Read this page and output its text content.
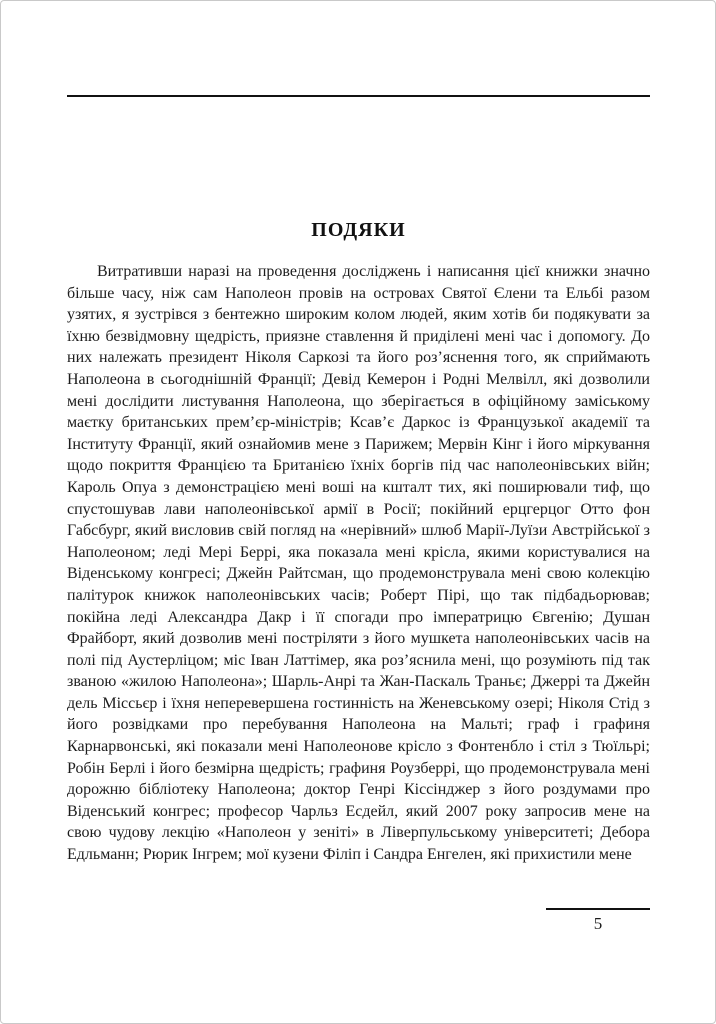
ПОДЯКИ

Витративши наразі на проведення досліджень і написання цієї книжки значно більше часу, ніж сам Наполеон провів на островах Святої Єлени та Ельбі разом узятих, я зустрівся з бентежно широким колом людей, яким хотів би подякувати за їхню безвідмовну щедрість, приязне ставлення й приділені мені час і допомогу. До них належать президент Ніколя Саркозі та його роз’яснення того, як сприймають Наполеона в сьогоднішній Франції; Девід Кемерон і Родні Мелвілл, які дозволили мені дослідити листування Наполеона, що зберігається в офіційному заміському маєтку британських прем’єр-міністрів; Ксав’є Даркос із Французької академії та Інституту Франції, який ознайомив мене з Парижем; Мервін Кінг і його міркування щодо покриття Францією та Британією їхніх боргів під час наполеонівських війн; Кароль Опуа з демонстрацією мені воші на кшталт тих, які поширювали тиф, що спустошував лави наполеонівської армії в Росії; покійний ерцгерцог Отто фон Габсбург, який висловив свій погляд на «нерівний» шлюб Марії-Луїзи Австрійської з Наполеоном; леді Мері Беррі, яка показала мені крісла, якими користувалися на Віденському конгресі; Джейн Райтсман, що продемонструвала мені свою колекцію палітурок книжок наполеонівських часів; Роберт Пірі, що так підбадьорював; покійна леді Александра Дакр і її спогади про імператрицю Євгенію; Душан Фрайборт, який дозволив мені постріляти з його мушкета наполеонівських часів на полі під Аустерліцом; міс Іван Латтімер, яка роз’яснила мені, що розуміють під так званою «жилою Наполеона»; Шарль-Анрі та Жан-Паскаль Траньє; Джеррі та Джейн дель Міссьєр і їхня неперевершена гостинність на Женевському озері; Ніколя Стід з його розвідками про перебування Наполеона на Мальті; граф і графиня Карнарвонські, які показали мені Наполеонове крісло з Фонтенбло і стіл з Тюїльрі; Робін Берлі і його безмірна щедрість; графиня Роузберрі, що продемонструвала мені дорожню бібліотеку Наполеона; доктор Генрі Кіссінджер з його роздумами про Віденський конгрес; професор Чарльз Есдейл, який 2007 року запросив мене на свою чудову лекцію «Наполеон у зеніті» в Ліверпульському університеті; Дебора Едльманн; Рюрик Інгрем; мої кузени Філіп і Сандра Енгелен, які прихистили мене

5
